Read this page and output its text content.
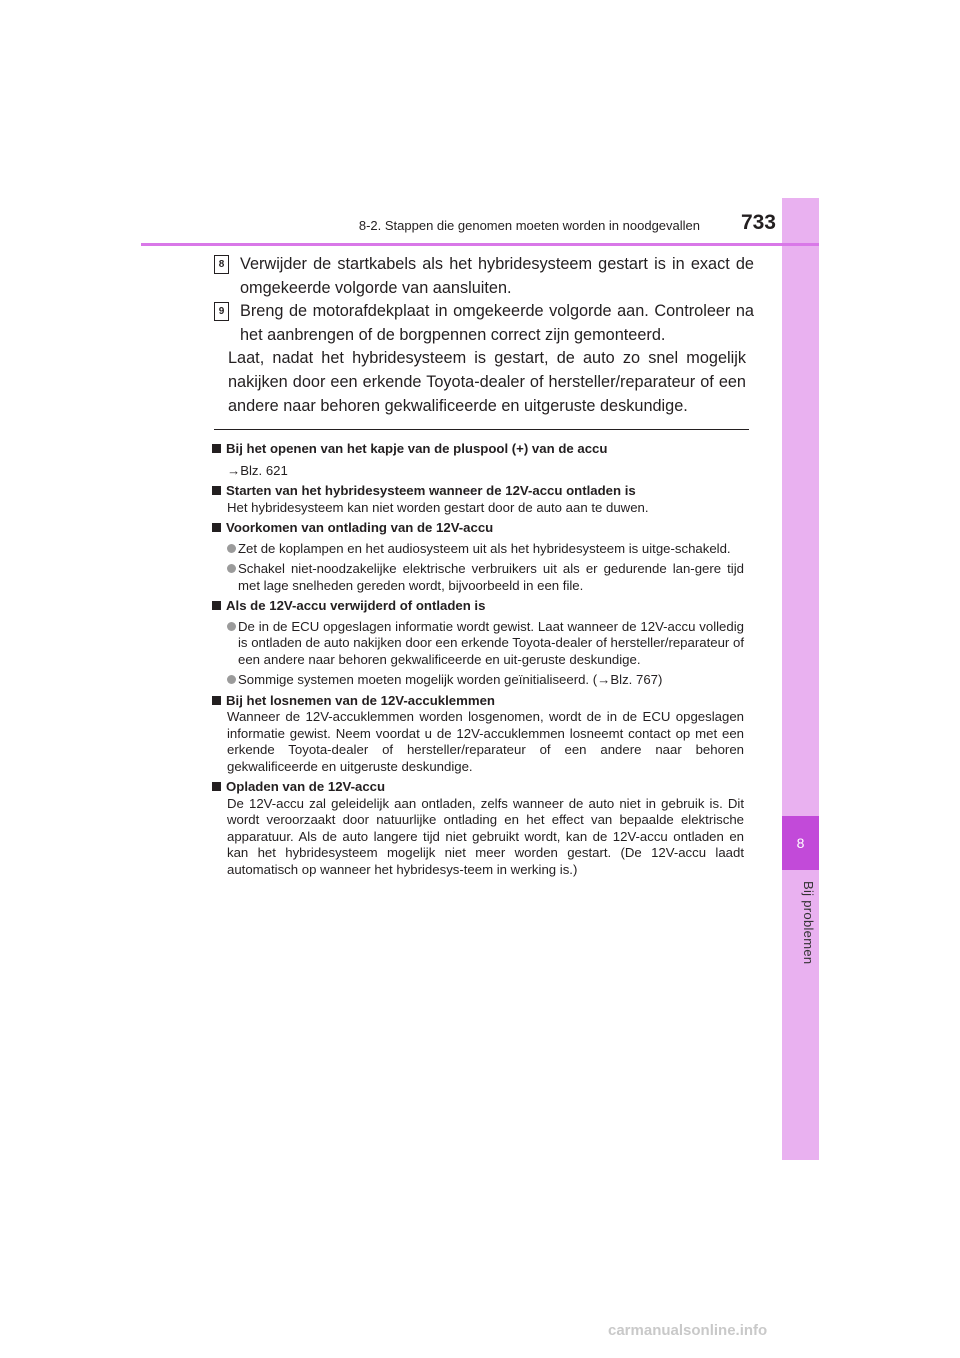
8
Bij problemen
8-2. Stappen die genomen moeten worden in noodgevallen	733
8 Verwijder de startkabels als het hybridesysteem gestart is in exact de omgekeerde volgorde van aansluiten.
9 Breng de motorafdekplaat in omgekeerde volgorde aan. Controleer na het aanbrengen of de borgpennen correct zijn gemonteerd.
Laat, nadat het hybridesysteem is gestart, de auto zo snel mogelijk nakijken door een erkende Toyota-dealer of hersteller/reparateur of een andere naar behoren gekwalificeerde en uitgeruste deskundige.
Bij het openen van het kapje van de pluspool (+) van de accu
→Blz. 621
Starten van het hybridesysteem wanneer de 12V-accu ontladen is
Het hybridesysteem kan niet worden gestart door de auto aan te duwen.
Voorkomen van ontlading van de 12V-accu
Zet de koplampen en het audiosysteem uit als het hybridesysteem is uitge-schakeld.
Schakel niet-noodzakelijke elektrische verbruikers uit als er gedurende lan-gere tijd met lage snelheden gereden wordt, bijvoorbeeld in een file.
Als de 12V-accu verwijderd of ontladen is
De in de ECU opgeslagen informatie wordt gewist. Laat wanneer de 12V-accu volledig is ontladen de auto nakijken door een erkende Toyota-dealer of hersteller/reparateur of een andere naar behoren gekwalificeerde en uit-geruste deskundige.
Sommige systemen moeten mogelijk worden geïnitialiseerd. (→Blz. 767)
Bij het losnemen van de 12V-accuklemmen
Wanneer de 12V-accuklemmen worden losgenomen, wordt de in de ECU opgeslagen informatie gewist. Neem voordat u de 12V-accuklemmen losneemt contact op met een erkende Toyota-dealer of hersteller/reparateur of een andere naar behoren gekwalificeerde en uitgeruste deskundige.
Opladen van de 12V-accu
De 12V-accu zal geleidelijk aan ontladen, zelfs wanneer de auto niet in gebruik is. Dit wordt veroorzaakt door natuurlijke ontlading en het effect van bepaalde elektrische apparatuur. Als de auto langere tijd niet gebruikt wordt, kan de 12V-accu ontladen en kan het hybridesysteem mogelijk niet meer worden gestart. (De 12V-accu laadt automatisch op wanneer het hybridesys-teem in werking is.)
carmanualsonline.info
